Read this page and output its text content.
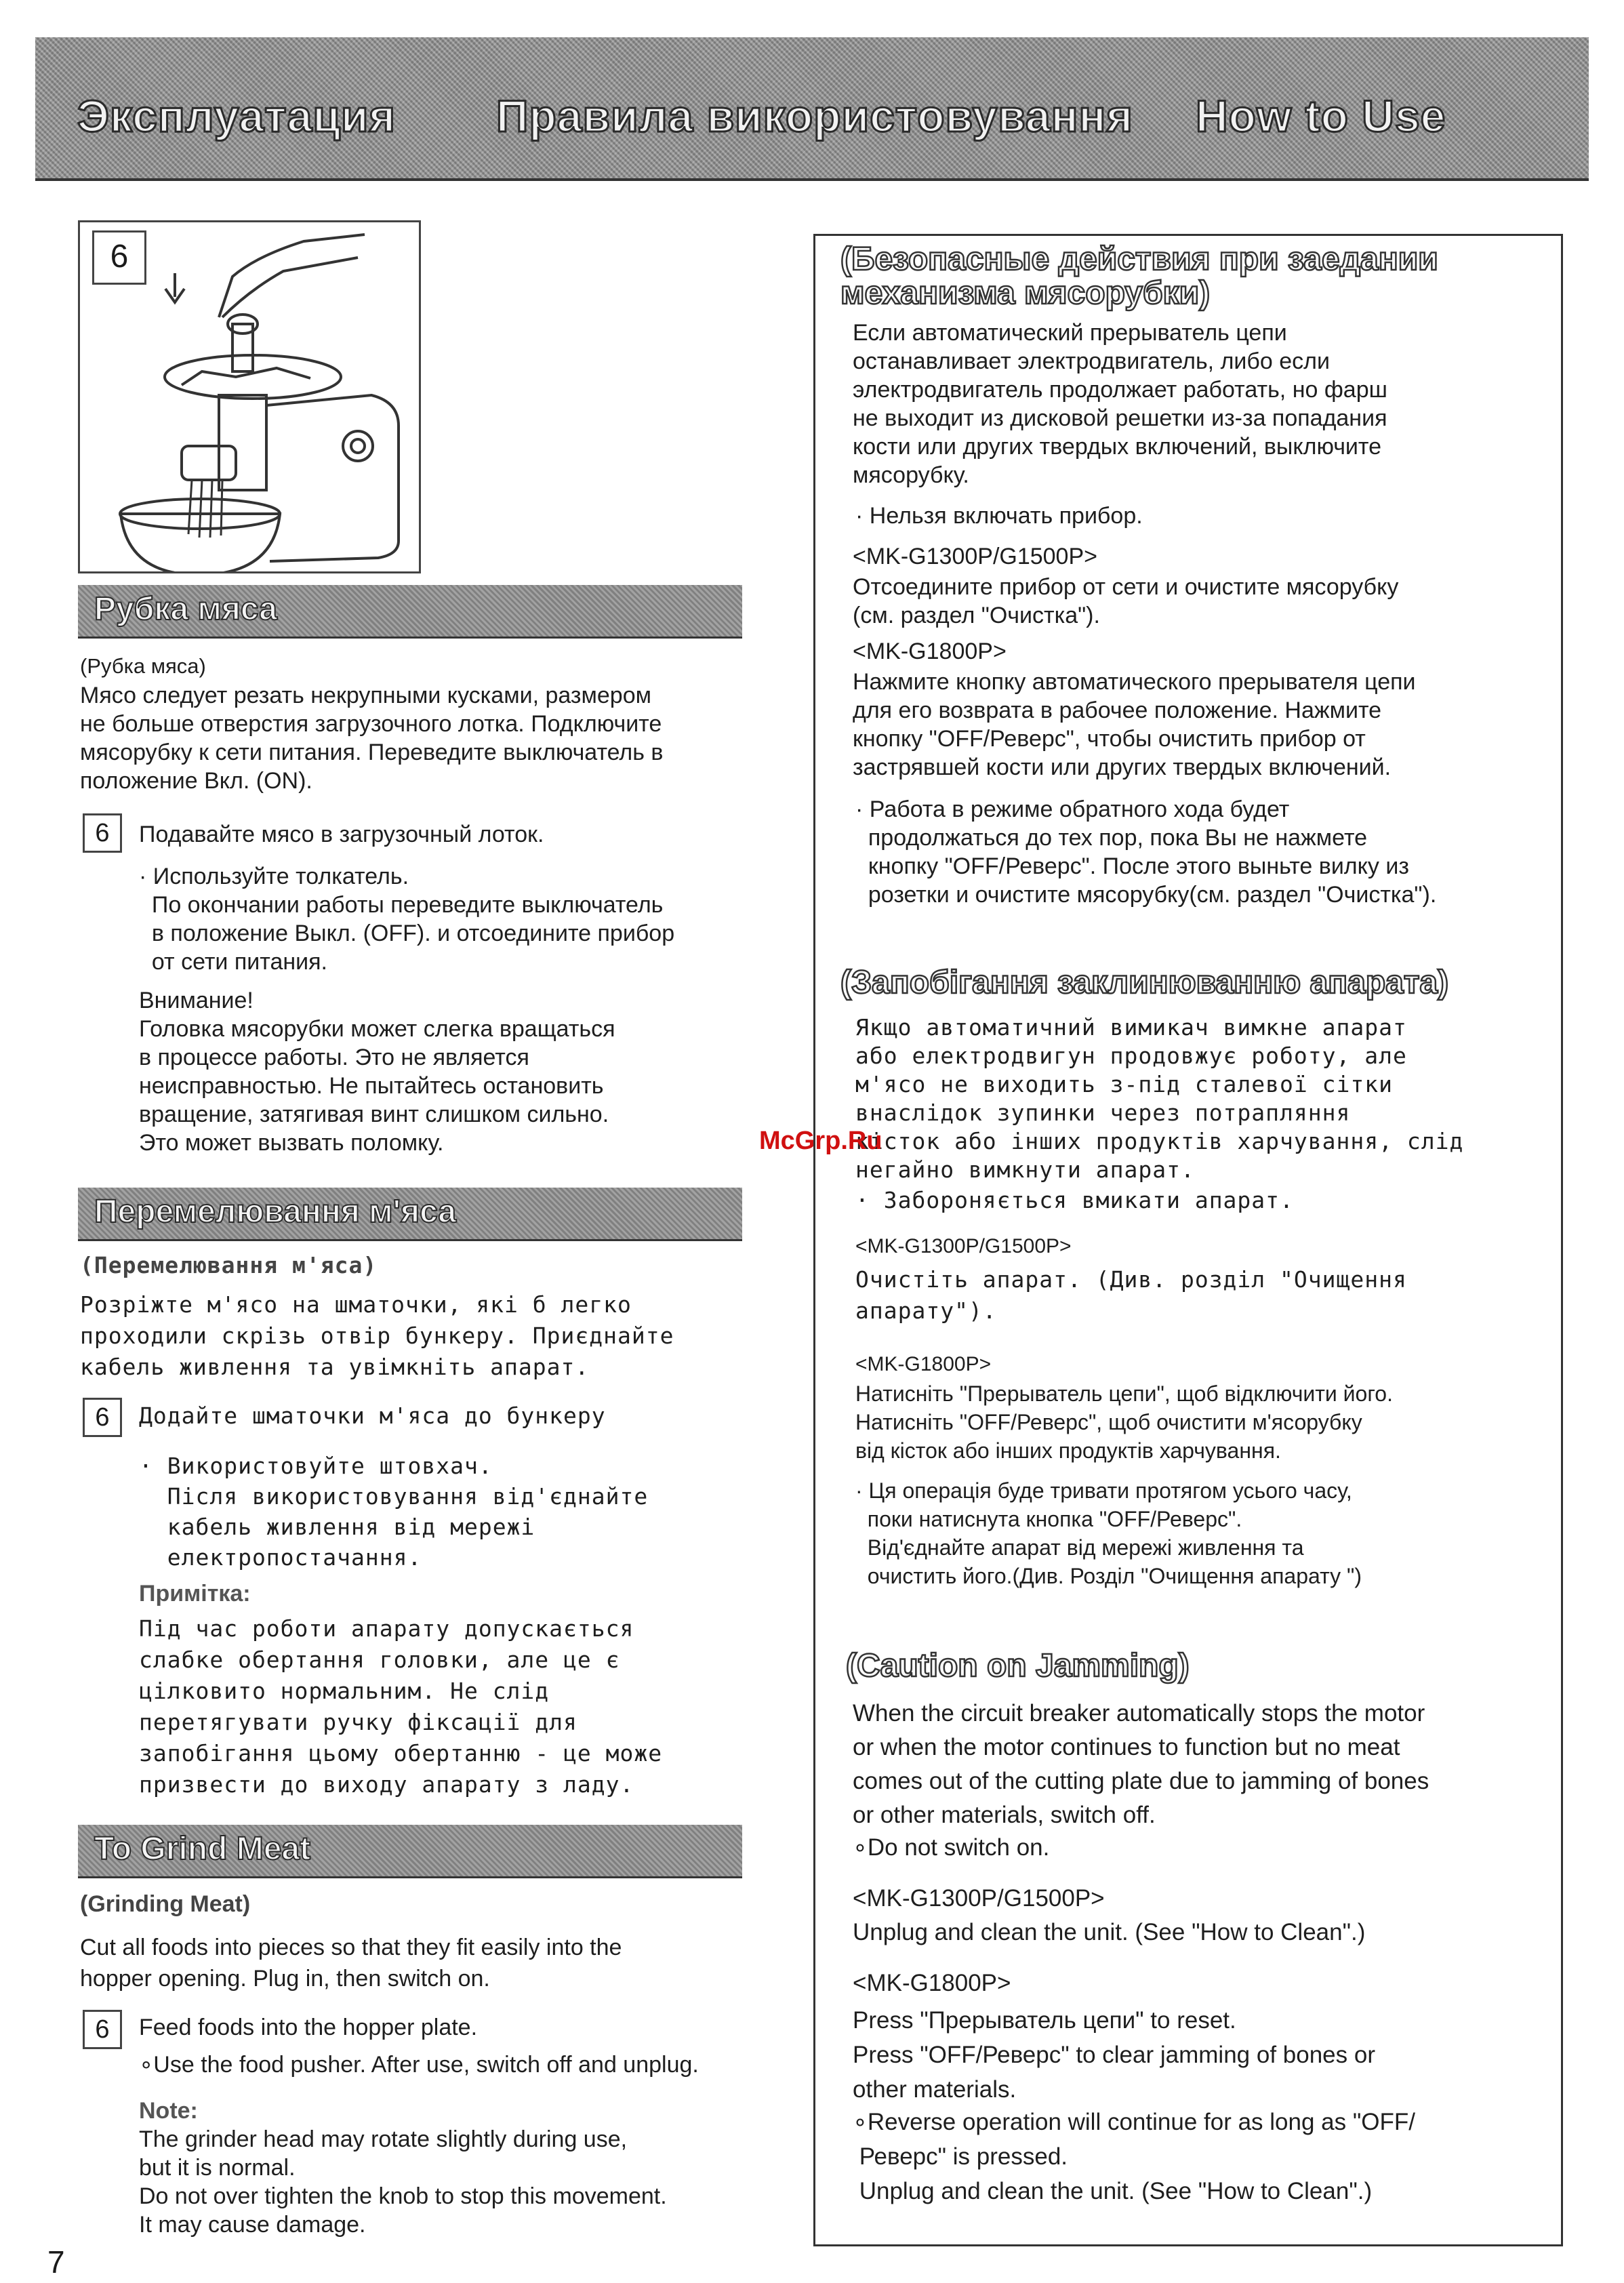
Эксплуатация Правила використовування How to Use
6
Рубка мяса
(Рубка мяса)
Мясо следует резать некрупными кусками, размером
не больше отверстия загрузочного лотка. Подключите
мясорубку к сети питания. Переведите выключатель в
положение Вкл. (ON).
6	Подавайте мясо в загрузочный лоток.
· Используйте толкатель.
По окончании работы переведите выключатель
в положение Выкл. (OFF). и отсоедините прибор
от сети питания.
Внимание!
Головка мясорубки может слегка вращаться
в процессе работы. Это не является
неисправностью. Не пытайтесь остановить
вращение, затягивая винт слишком сильно.
Это может вызвать поломку.
Перемелювання м'яса
(Перемелювання м'яса)
Розріжте м'ясо на шматочки, які б легко
проходили скрізь отвір бункеру. Приєднайте
кабель живлення та увімкніть апарат.
6	Додайте шматочки м'яса до бункеру
· Використовуйте штовхач.
Після використовування від'єднайте
кабель живлення від мережі
електропостачання.
Примітка:
Під час роботи апарату допускається
слабке обертання головки, але це є
цілковито нормальним. Не слід
перетягувати ручку фіксації для
запобігання цьому обертанню - це може
призвести до виходу апарату з ладу.
To Grind Meat
(Grinding Meat)
Cut all foods into pieces so that they fit easily into the
hopper opening. Plug in, then switch on.
6	Feed foods into the hopper plate.
∘Use the food pusher. After use, switch off and unplug.
Note:
The grinder head may rotate slightly during use,
but it is normal.
Do not over tighten the knob to stop this movement.
It may cause damage.
(Безопасные действия при заедании
механизма мясорубки)
Если автоматический прерыватель цепи
останавливает электродвигатель, либо если
электродвигатель продолжает работать, но фарш
не выходит из дисковой решетки из-за попадания
кости или других твердых включений, выключите
мясорубку.
· Нельзя включать прибор.
<MK-G1300P/G1500P>
Отсоедините прибор от сети и очистите мясорубку
(см. раздел "Очистка").
<MK-G1800P>
Нажмите кнопку автоматического прерывателя цепи
для его возврата в рабочее положение. Нажмите
кнопку "OFF/Реверс", чтобы очистить прибор от
застрявшей кости или других твердых включений.
· Работа в режиме обратного хода будет
продолжаться до тех пор, пока Вы не нажмете
кнопку "OFF/Реверс". После этого выньте вилку из
розетки и очистите мясорубку(см. раздел "Очистка").
(Запобігання заклинюванню апарата)
Якщо автоматичний вимикач вимкне апарат
або електродвигун продовжує роботу, але
м'ясо не виходить з-під сталевої сітки
внаслідок зупинки через потрапляння
кісток або інших продуктів харчування, слід
негайно вимкнути апарат.
· Забороняється вмикати апарат.
<MK-G1300P/G1500P>
Очистіть апарат. (Див. розділ "Очищення
апарату").
<MK-G1800P>
Натисніть "Прерыватель цепи", щоб відключити його.
Натисніть "OFF/Реверс", щоб очистити м'ясорубку
від кісток або інших продуктів харчування.
· Ця операція буде тривати протягом усього часу,
поки натиснута кнопка "OFF/Реверс".
Від'єднайте апарат від мережі живлення та
очистить його.(Див. Розділ "Очищення апарату ")
(Caution on Jamming)
When the circuit breaker automatically stops the motor
or when the motor continues to function but no meat
comes out of the cutting plate due to jamming of bones
or other materials, switch off.
∘Do not switch on.
<MK-G1300P/G1500P>
Unplug and clean the unit. (See "How to Clean".)
<MK-G1800P>
Press "Прерыватель цепи" to reset.
Press "OFF/Реверс" to clear jamming of bones or
other materials.
∘Reverse operation will continue for as long as "OFF/
Реверс" is pressed.
Unplug and clean the unit. (See "How to Clean".)
McGrp.Ru
7
